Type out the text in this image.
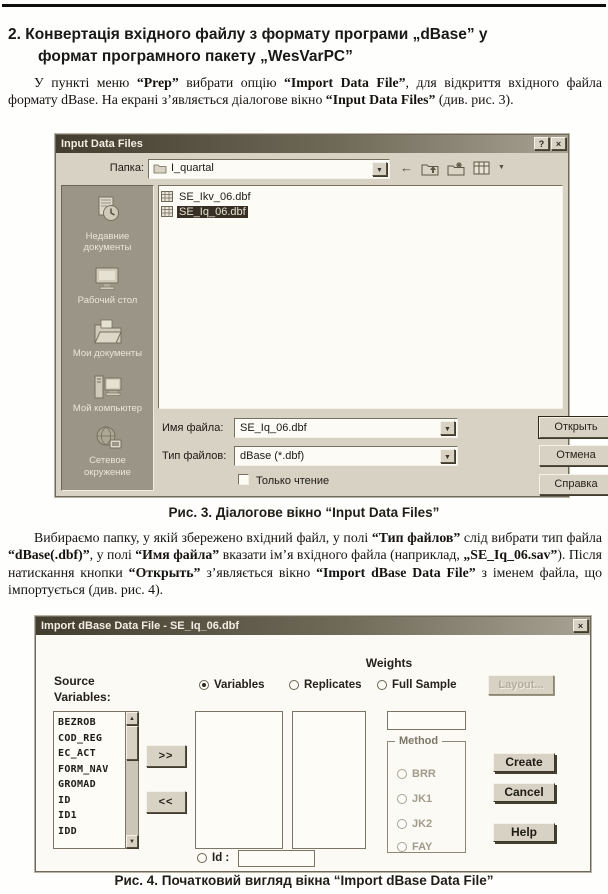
2. Конвертація вхідного файлу з формату програми „dBase” у
формат програмного пакету „WesVarPC”
У пункті меню “Prep” вибрати опцію “Import Data File”, для відкриття вхідного файла формату dBase. На екрані з’являється діалогове вікно “Input Data Files” (див. рис. 3).
Input Data Files	?	×
Папка: I_quartal	▼	←	▼
Недавние документы
Рабочий стол
Мои документы
Мой компьютер
Сетевое окружение
SE_Ikv_06.dbf
SE_Iq_06.dbf
Имя файла:	SE_Iq_06.dbf	▼	Открыть
Тип файлов:	dBase (*.dbf)	▼	Отмена
Только чтение	Справка
Рис. 3. Діалогове вікно “Input Data Files”
Вибираємо папку, у якій збережено вхідний файл, у полі “Тип файлов” слід вибрати тип файла “dBase(.dbf)”, у полі “Имя файла” вказати ім’я вхідного файла (наприклад, „SE_Iq_06.sav”). Після натискання кнопки “Открыть” з’являється вікно “Import dBase Data File” з іменем файла, що імпортується (див. рис. 4).
Import dBase Data File - SE_Iq_06.dbf	×
Weights
Source
Variables:
Variables	Replicates	Full Sample	Layout...
BEZROB
COD_REG
EC_ACT
FORM_NAV
GROMAD
ID
ID1
IDD
▲
▼
>>
<<
Method
BRR
JK1
JK2
FAY
Create
Cancel
Help
Id :
Рис. 4. Початковий вигляд вікна “Import dBase Data File”
